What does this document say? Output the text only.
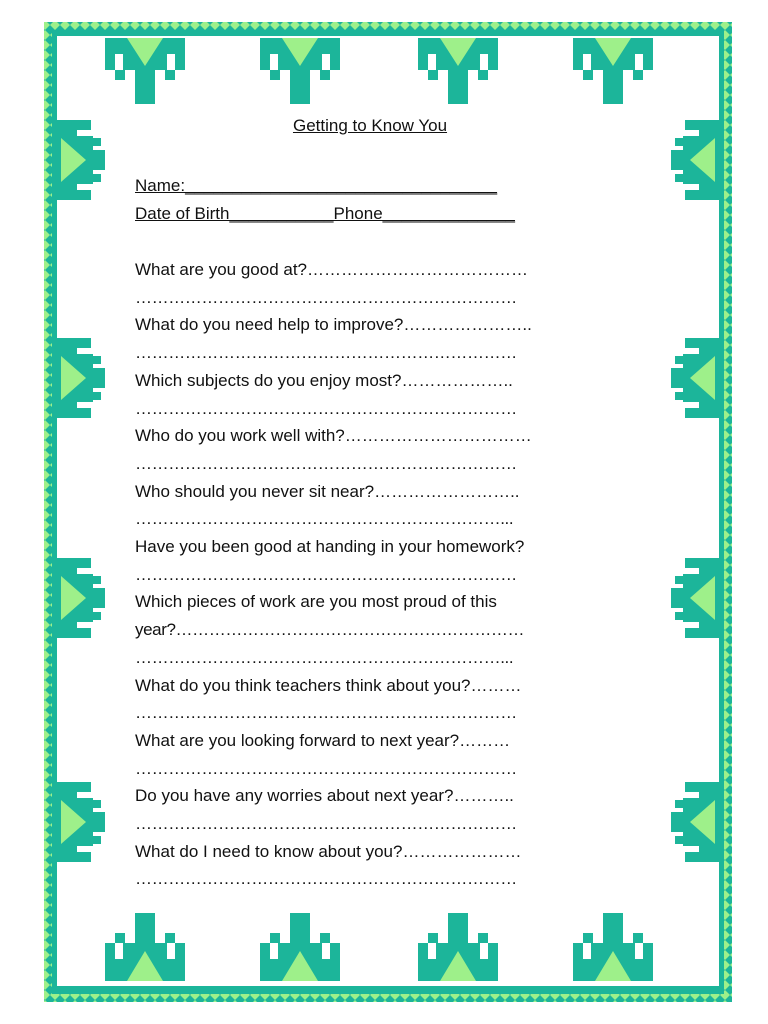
Getting to Know You
Name:_________________________________
Date of Birth___________Phone______________
What are you good at?…………………………………
……………………………………………………………
What do you need help to improve?…………………..
……………………………………………………………
Which subjects do you enjoy most?………………..
……………………………………………………………
Who do you work well with?……………………………
……………………………………………………………
Who should you never sit near?……………………..
…………………………………………………………...
Have you been good at handing in your homework?
……………………………………………………………
Which pieces of work are you most proud of this
year?………………………………………………………
…………………………………………………………...
What do you think teachers think about you?………
……………………………………………………………
What are you looking forward to next year?………
……………………………………………………………
Do you have any worries about next year?………..
……………………………………………………………
What do I need to know about you?…………………
……………………………………………………………
